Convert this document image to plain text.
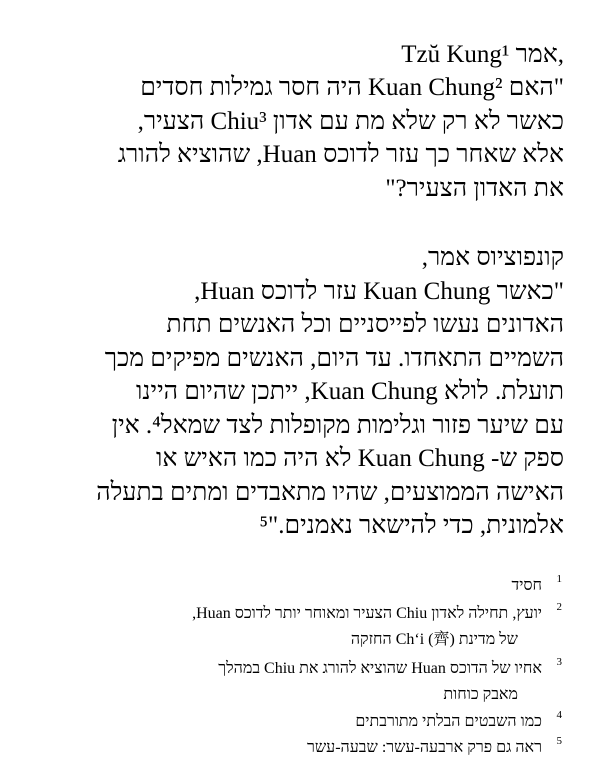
Tzŭ Kung¹ אמר,
"האם Kuan Chung² היה חסר גמילות חסדים
כאשר לא רק שלא מת עם אדון Chiu³ הצעיר,
אלא שאחר כך עזר לדוכס Huan, שהוציא להורג
את האדון הצעיר?"
קונפוציוס אמר,
"כאשר Kuan Chung עזר לדוכס Huan,
האדונים נעשו לפייסניים וכל האנשים תחת
השמיים התאחדו. עד היום, האנשים מפיקים מכך
תועלת. לולא Kuan Chung, ייתכן שהיום היינו
עם שיער פזור וגלימות מקופלות לצד שמאל⁴. אין
ספק ש- Kuan Chung לא היה כמו האיש או
האישה הממוצעים, שהיו מתאבדים ומתים בתעלה
אלמונית, כדי להישאר נאמנים."⁵
1
חסיד
2
יועץ, תחילה לאדון Chiu הצעיר ומאוחר יותר לדוכס Huan,
של מדינת Ch‘i (齊) החזקה
3
אחיו של הדוכס Huan שהוציא להורג את Chiu במהלך
מאבק כוחות
4
כמו השבטים הבלתי מתורבתים
5
ראה גם פרק ארבעה-עשר: שבעה-עשר
